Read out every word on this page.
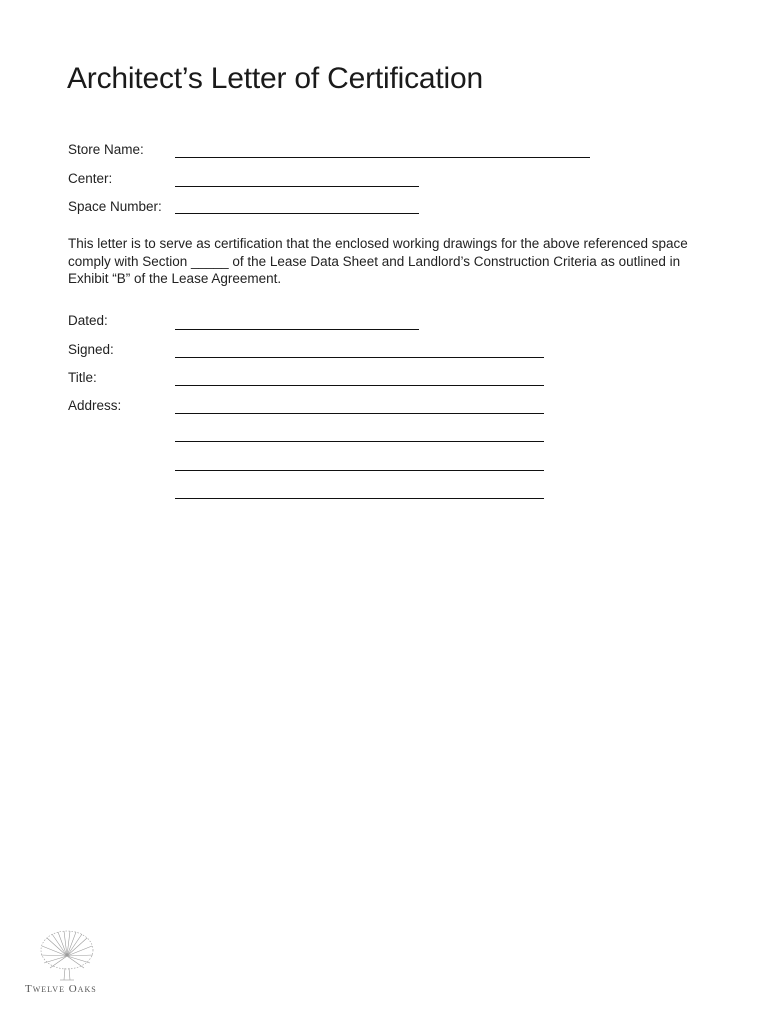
Architect’s Letter of Certification
Store Name:
Center:
Space Number:

This letter is to serve as certification that the enclosed working drawings for the above referenced space comply with Section _____ of the Lease Data Sheet and Landlord’s Construction Criteria as outlined in Exhibit “B” of the Lease Agreement.

Dated:
Signed:
Title:
Address:
Twelve Oaks
